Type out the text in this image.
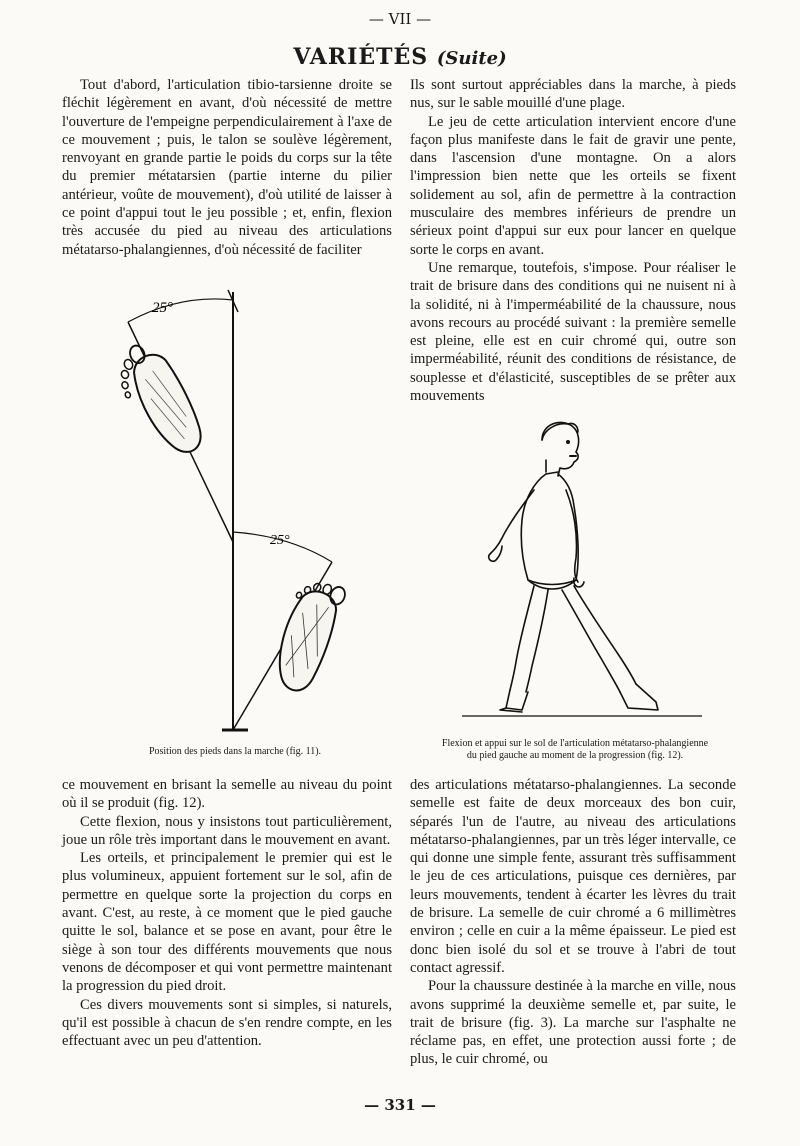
— VII —
VARIÉTÉS (Suite)

Tout d'abord, l'articulation tibio-tarsienne droite se fléchit légèrement en avant, d'où nécessité de mettre l'ouverture de l'empeigne perpendiculairement à l'axe de ce mouvement ; puis, le talon se soulève légèrement, renvoyant en grande partie le poids du corps sur la tête du premier métatarsien (partie interne du pilier antérieur, voûte de mouvement), d'où utilité de laisser à ce point d'appui tout le jeu possible ; et, enfin, flexion très accusée du pied au niveau des articulations métatarso-phalangiennes, d'où nécessité de faciliter

Ils sont surtout appréciables dans la marche, à pieds nus, sur le sable mouillé d'une plage.

Le jeu de cette articulation intervient encore d'une façon plus manifeste dans le fait de gravir une pente, dans l'ascension d'une montagne. On a alors l'impression bien nette que les orteils se fixent solidement au sol, afin de permettre à la contraction musculaire des membres inférieurs de prendre un sérieux point d'appui sur eux pour lancer en quelque sorte le corps en avant.

Une remarque, toutefois, s'impose. Pour réaliser le trait de brisure dans des conditions qui ne nuisent ni à la solidité, ni à l'imperméabilité de la chaussure, nous avons recours au procédé suivant : la première semelle est pleine, elle est en cuir chromé qui, outre son imperméabilité, réunit des conditions de résistance, de souplesse et d'élasticité, susceptibles de se prêter aux mouvements

25°
25°
Position des pieds dans la marche (fig. 11).
Flexion et appui sur le sol de l'articulation métatarso-phalangienne
du pied gauche au moment de la progression (fig. 12).

ce mouvement en brisant la semelle au niveau du point où il se produit (fig. 12).

Cette flexion, nous y insistons tout particulièrement, joue un rôle très important dans le mouvement en avant.

Les orteils, et principalement le premier qui est le plus volumineux, appuient fortement sur le sol, afin de permettre en quelque sorte la projection du corps en avant. C'est, au reste, à ce moment que le pied gauche quitte le sol, balance et se pose en avant, pour être le siège à son tour des différents mouvements que nous venons de décomposer et qui vont permettre maintenant la progression du pied droit.

Ces divers mouvements sont si simples, si naturels, qu'il est possible à chacun de s'en rendre compte, en les effectuant avec un peu d'attention.

des articulations métatarso-phalangiennes. La seconde semelle est faite de deux morceaux des bon cuir, séparés l'un de l'autre, au niveau des articulations métatarso-phalangiennes, par un très léger intervalle, ce qui donne une simple fente, assurant très suffisamment le jeu de ces articulations, puisque ces dernières, par leurs mouvements, tendent à écarter les lèvres du trait de brisure. La semelle de cuir chromé a 6 millimètres environ ; celle en cuir a la même épaisseur. Le pied est donc bien isolé du sol et se trouve à l'abri de tout contact agressif.

Pour la chaussure destinée à la marche en ville, nous avons supprimé la deuxième semelle et, par suite, le trait de brisure (fig. 3). La marche sur l'asphalte ne réclame pas, en effet, une protection aussi forte ; de plus, le cuir chromé, ou

— 331 —
